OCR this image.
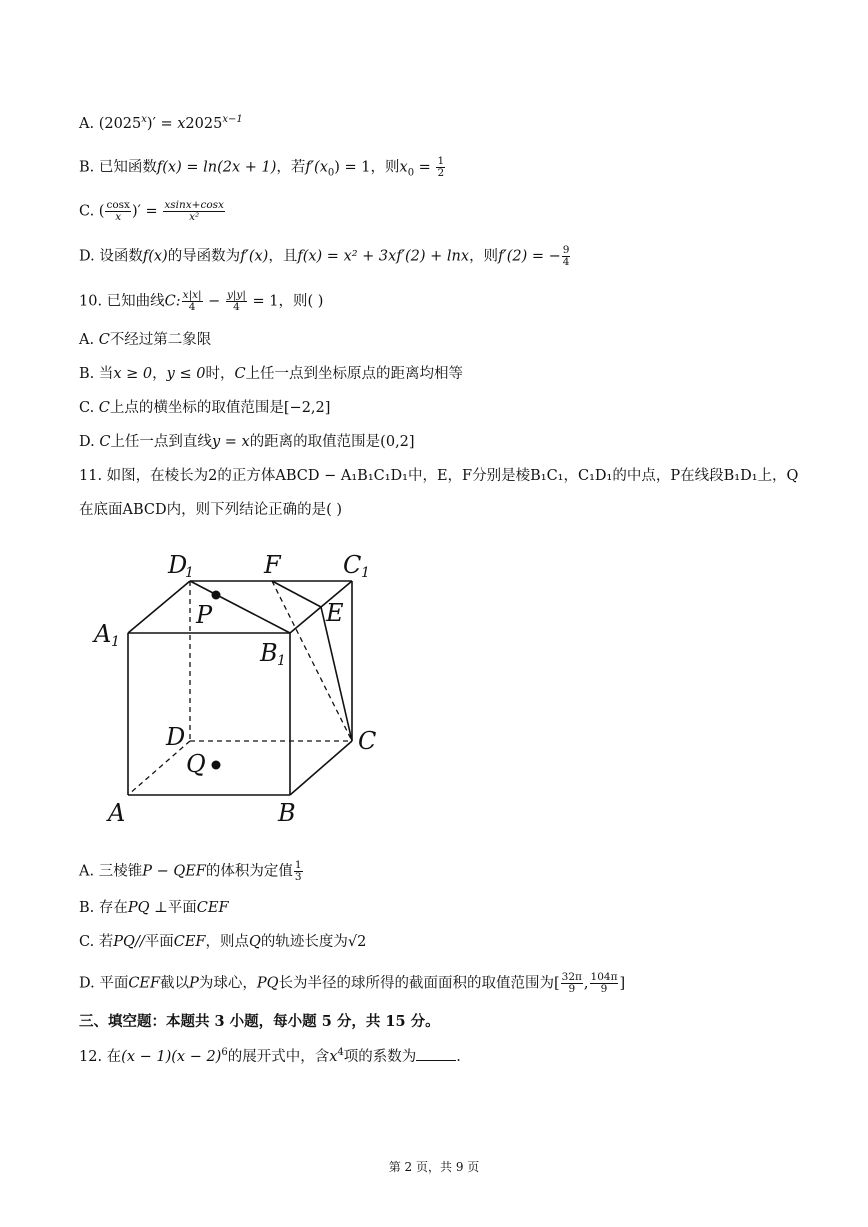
A. $(2025^x)' = x2025^{x-1}$
B. 已知函数f(x) = ln(2x + 1)，若$f'(x_0) = 1$，则$x_0 = \frac{1}{2}$
C. ( $\frac{\cos x}{x}$ )′ = $\frac{xsinx+\cos x}{\text{x²}}$
D. 设函数f(x)的导函数为f′(x)，且f(x) = x² + 3xf′(2) + lnx，则f′(2) = − $\frac{9}{4}$
10. 已知曲线C: $\frac{x|x|}{4} - \frac{y|y|}{4} = 1$，则( )
A. C不经过第二象限
B. 当x ≥ 0，y ≤ 0时，C上任一点到坐标原点的距离均相等
C. C上点的横坐标的取值范围是[−2,2]
D. C上任一点到直线y = x的距离的取值范围是(0,2]
11. 如图，在棱长为2的正方体ABCD − A₁B₁C₁D₁中，E，F分别是棱B₁C₁，C₁D₁的中点，P在线段B₁D₁上，Q
在底面ABCD内，则下列结论正确的是( )
D
1	F	C 1
A 1
P	E
B 1
D	C
Q
A	B
A. 三棱锥P − QEF的体积为定值 $\frac{1}{3}$
B. 存在PQ ⊥平面CEF
C. 若PQ//平面CEF，则点Q的轨迹长度为√2
D. 平面CEF截以P为球心，PQ长为半径的球所得的截面面积的取值范围为[ $\frac{32\pi}{9}$ , $\frac{104\pi}{9}$ ]
三、填空题：本题共 3 小题，每小题 5 分，共 15 分。
12. 在$(x - 1)(x - 2)^6$的展开式中，含$x^4$项的系数为	.
第 2 页，共 9 页
